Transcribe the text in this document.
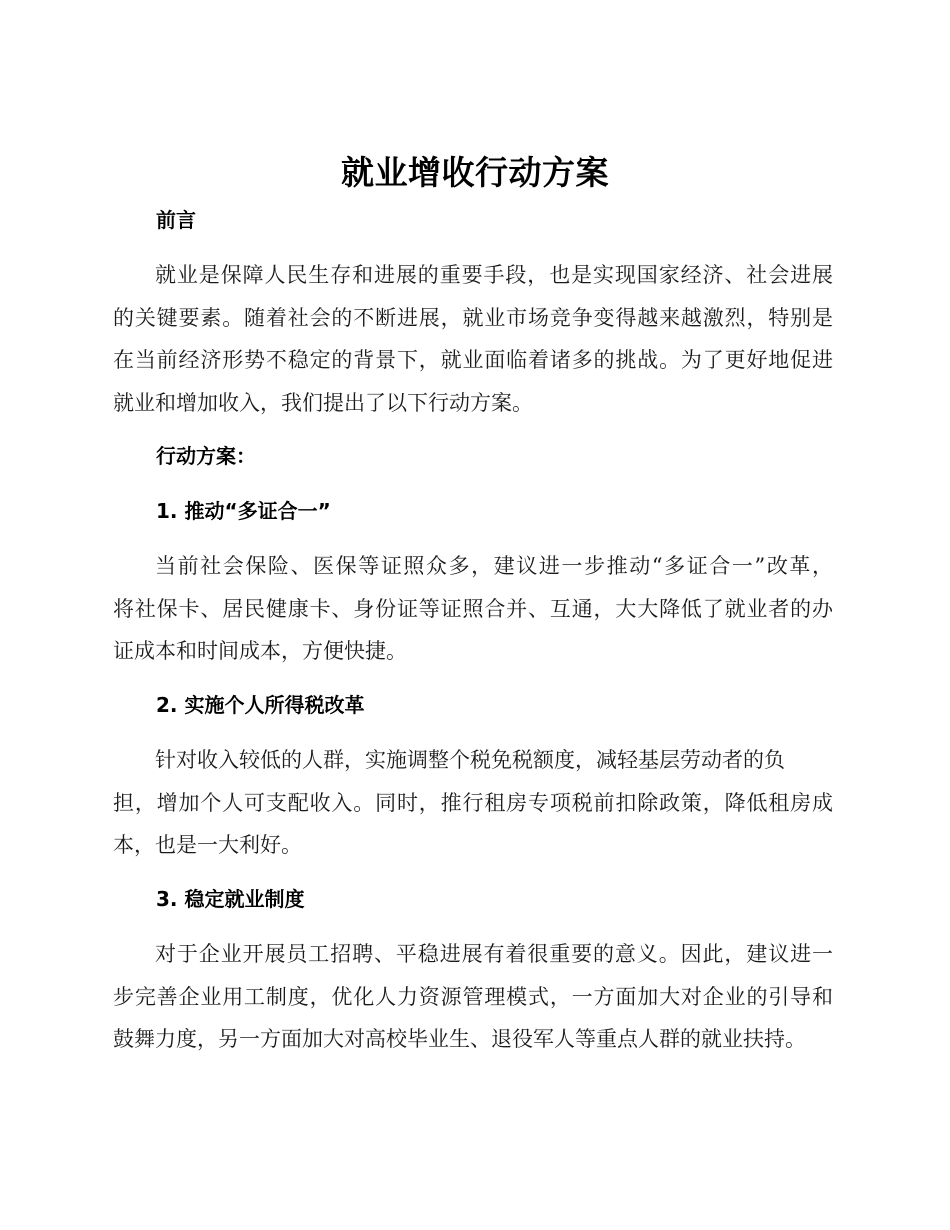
就业增收行动方案
前言
就业是保障人民生存和进展的重要手段，也是实现国家经济、社会进展
的关键要素。随着社会的不断进展，就业市场竞争变得越来越激烈，特别是
在当前经济形势不稳定的背景下，就业面临着诸多的挑战。为了更好地促进
就业和增加收入，我们提出了以下行动方案。
行动方案：
1. 推动“多证合一”
当前社会保险、医保等证照众多，建议进一步推动“多证合一”改革，
将社保卡、居民健康卡、身份证等证照合并、互通，大大降低了就业者的办
证成本和时间成本，方便快捷。
2. 实施个人所得税改革
针对收入较低的人群，实施调整个税免税额度，减轻基层劳动者的负
担，增加个人可支配收入。同时，推行租房专项税前扣除政策，降低租房成
本，也是一大利好。
3. 稳定就业制度
对于企业开展员工招聘、平稳进展有着很重要的意义。因此，建议进一
步完善企业用工制度，优化人力资源管理模式，一方面加大对企业的引导和
鼓舞力度，另一方面加大对高校毕业生、退役军人等重点人群的就业扶持。
